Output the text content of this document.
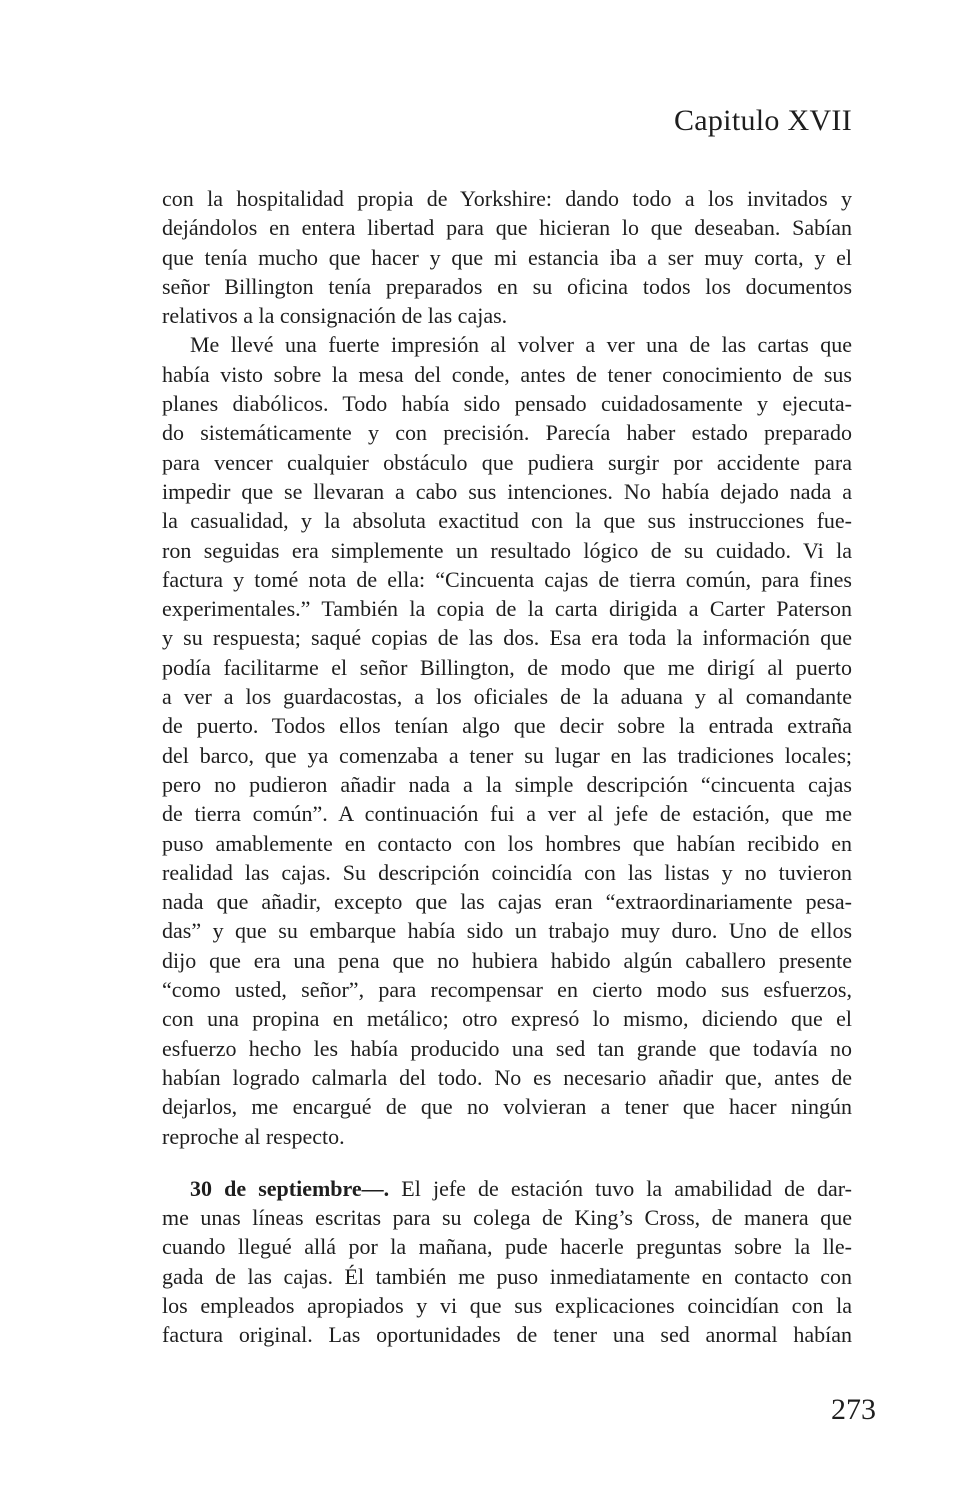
Capitulo XVII
con la hospitalidad propia de Yorkshire: dando todo a los invitados y
dejándolos en entera libertad para que hicieran lo que deseaban. Sabían
que tenía mucho que hacer y que mi estancia iba a ser muy corta, y el
señor Billington tenía preparados en su oficina todos los documentos
relativos a la consignación de las cajas.
Me llevé una fuerte impresión al volver a ver una de las cartas que
había visto sobre la mesa del conde, antes de tener conocimiento de sus
planes diabólicos. Todo había sido pensado cuidadosamente y ejecuta-
do sistemáticamente y con precisión. Parecía haber estado preparado
para vencer cualquier obstáculo que pudiera surgir por accidente para
impedir que se llevaran a cabo sus intenciones. No había dejado nada a
la casualidad, y la absoluta exactitud con la que sus instrucciones fue-
ron seguidas era simplemente un resultado lógico de su cuidado. Vi la
factura y tomé nota de ella: “Cincuenta cajas de tierra común, para fines
experimentales.” También la copia de la carta dirigida a Carter Paterson
y su respuesta; saqué copias de las dos. Esa era toda la información que
podía facilitarme el señor Billington, de modo que me dirigí al puerto
a ver a los guardacostas, a los oficiales de la aduana y al comandante
de puerto. Todos ellos tenían algo que decir sobre la entrada extraña
del barco, que ya comenzaba a tener su lugar en las tradiciones locales;
pero no pudieron añadir nada a la simple descripción “cincuenta cajas
de tierra común”. A continuación fui a ver al jefe de estación, que me
puso amablemente en contacto con los hombres que habían recibido en
realidad las cajas. Su descripción coincidía con las listas y no tuvieron
nada que añadir, excepto que las cajas eran “extraordinariamente pesa-
das” y que su embarque había sido un trabajo muy duro. Uno de ellos
dijo que era una pena que no hubiera habido algún caballero presente
“como usted, señor”, para recompensar en cierto modo sus esfuerzos,
con una propina en metálico; otro expresó lo mismo, diciendo que el
esfuerzo hecho les había producido una sed tan grande que todavía no
habían logrado calmarla del todo. No es necesario añadir que, antes de
dejarlos, me encargué de que no volvieran a tener que hacer ningún
reproche al respecto.
30 de septiembre—. El jefe de estación tuvo la amabilidad de dar-
me unas líneas escritas para su colega de King’s Cross, de manera que
cuando llegué allá por la mañana, pude hacerle preguntas sobre la lle-
gada de las cajas. Él también me puso inmediatamente en contacto con
los empleados apropiados y vi que sus explicaciones coincidían con la
factura original. Las oportunidades de tener una sed anormal habían
273
